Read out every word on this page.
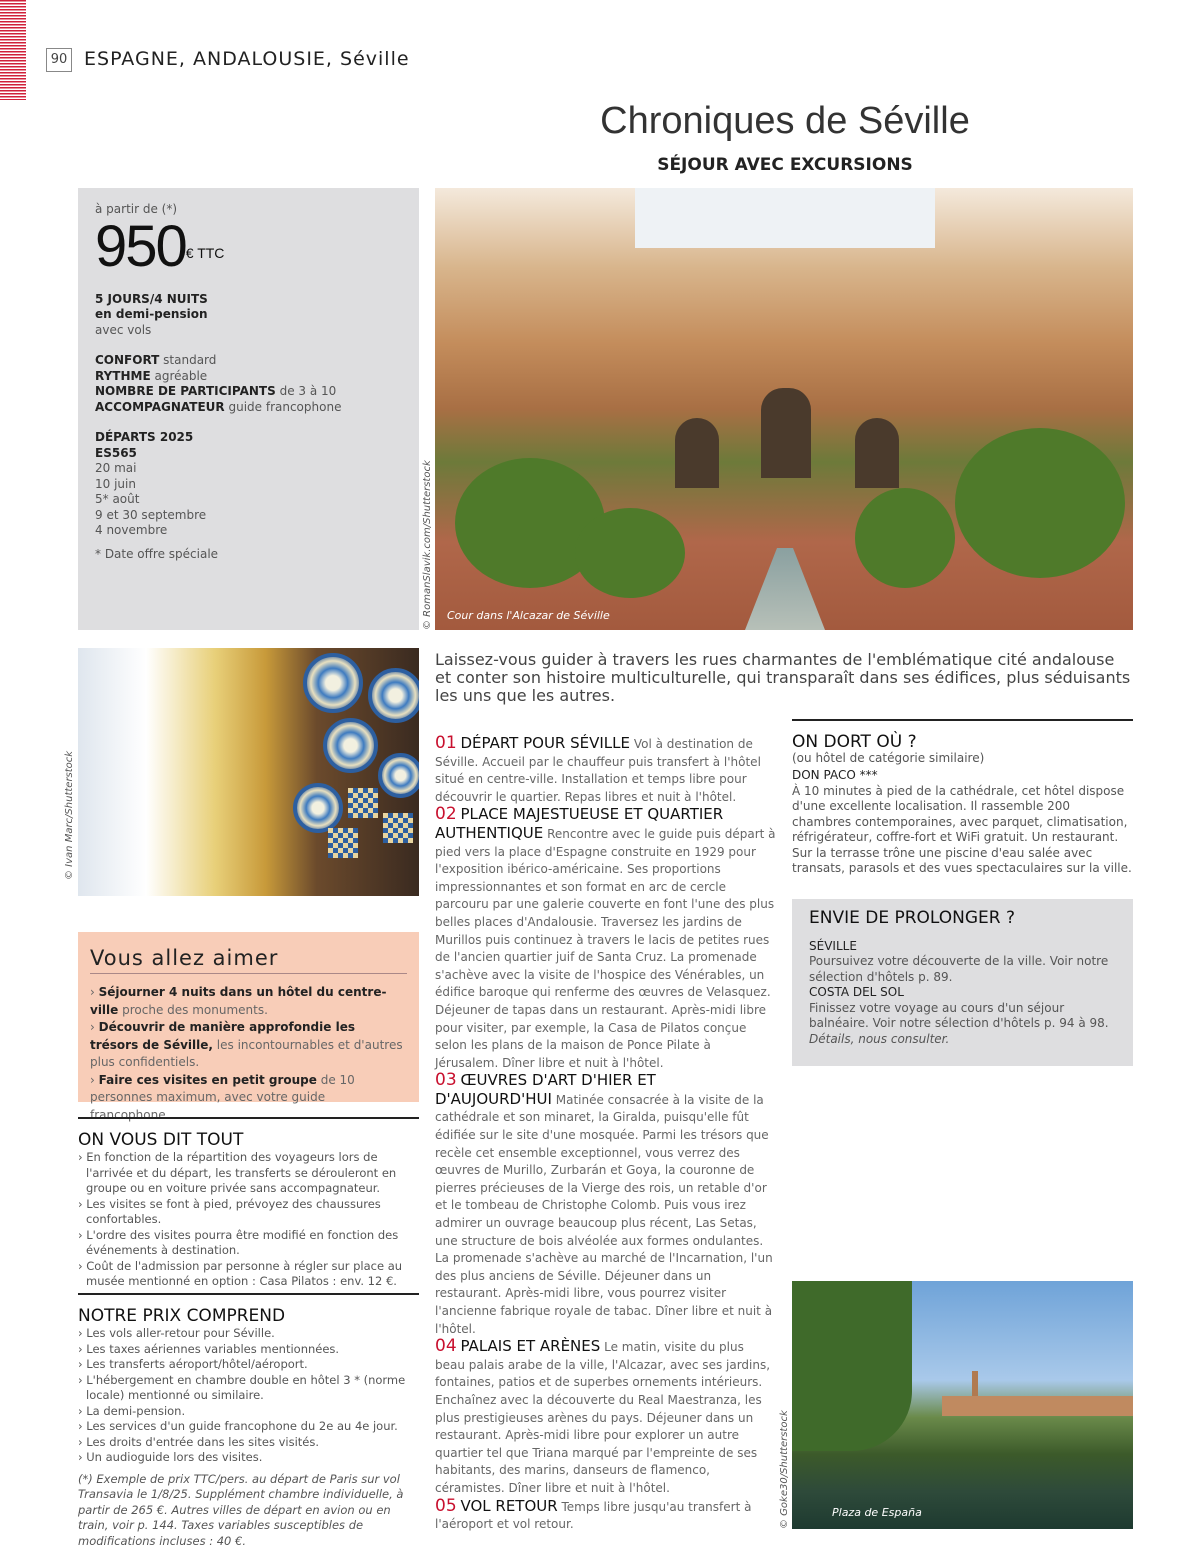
90 ESPAGNE, ANDALOUSIE, Séville
Chroniques de Séville
SÉJOUR AVEC EXCURSIONS
à partir de (*)
$950^{€ TTC}$
5 JOURS/4 NUITS
en demi-pension
avec vols
CONFORT standard
RYTHME agréable
NOMBRE DE PARTICIPANTS de 3 à 10
ACCOMPAGNATEUR guide francophone
DÉPARTS 2025
ES565
20 mai
10 juin
5* août
9 et 30 septembre
4 novembre
* Date offre spéciale	© RomanSlavik.com/Shutterstock Cour dans l'Alcazar de Séville
© Ivan Marc/Shutterstock
Vous allez aimer
› Séjourner 4 nuits dans un hôtel du centre-ville proche des monuments.
› Découvrir de manière approfondie les trésors de Séville, les incontournables et d'autres plus confidentiels.
› Faire ces visites en petit groupe de 10 personnes maximum, avec votre guide francophone.
ON VOUS DIT TOUT
› En fonction de la répartition des voyageurs lors de l'arrivée et du départ, les transferts se dérouleront en groupe ou en voiture privée sans accompagnateur.
› Les visites se font à pied, prévoyez des chaussures confortables.
› L'ordre des visites pourra être modifié en fonction des événements à destination.
› Coût de l'admission par personne à régler sur place au musée mentionné en option : Casa Pilatos : env. 12 €.
NOTRE PRIX COMPREND
› Les vols aller-retour pour Séville.
› Les taxes aériennes variables mentionnées.
› Les transferts aéroport/hôtel/aéroport.
› L'hébergement en chambre double en hôtel 3 * (norme locale) mentionné ou similaire.
› La demi-pension.
› Les services d'un guide francophone du 2e au 4e jour.
› Les droits d'entrée dans les sites visités.
› Un audioguide lors des visites.
(*) Exemple de prix TTC/pers. au départ de Paris sur vol Transavia le 1/8/25. Supplément chambre individuelle, à partir de 265 €. Autres villes de départ en avion ou en train, voir p. 144. Taxes variables susceptibles de modifications incluses : 40 €.
Laissez-vous guider à travers les rues charmantes de l'emblématique cité andalouse et conter son histoire multiculturelle, qui transparaît dans ses édifices, plus séduisants les uns que les autres.
01 DÉPART POUR SÉVILLE Vol à destination de Séville. Accueil par le chauffeur puis transfert à l'hôtel situé en centre-ville. Installation et temps libre pour découvrir le quartier. Repas libres et nuit à l'hôtel.
02 PLACE MAJESTUEUSE ET QUARTIER AUTHENTIQUE Rencontre avec le guide puis départ à pied vers la place d'Espagne construite en 1929 pour l'exposition ibérico-américaine. Ses proportions impressionnantes et son format en arc de cercle parcouru par une galerie couverte en font l'une des plus belles places d'Andalousie. Traversez les jardins de Murillos puis continuez à travers le lacis de petites rues de l'ancien quartier juif de Santa Cruz. La promenade s'achève avec la visite de l'hospice des Vénérables, un édifice baroque qui renferme des œuvres de Velasquez. Déjeuner de tapas dans un restaurant. Après-midi libre pour visiter, par exemple, la Casa de Pilatos conçue selon les plans de la maison de Ponce Pilate à Jérusalem. Dîner libre et nuit à l'hôtel.
03 ŒUVRES D'ART D'HIER ET D'AUJOURD'HUI Matinée consacrée à la visite de la cathédrale et son minaret, la Giralda, puisqu'elle fût édifiée sur le site d'une mosquée. Parmi les trésors que recèle cet ensemble exceptionnel, vous verrez des œuvres de Murillo, Zurbarán et Goya, la couronne de pierres précieuses de la Vierge des rois, un retable d'or et le tombeau de Christophe Colomb. Puis vous irez admirer un ouvrage beaucoup plus récent, Las Setas, une structure de bois alvéolée aux formes ondulantes. La promenade s'achève au marché de l'Incarnation, l'un des plus anciens de Séville. Déjeuner dans un restaurant. Après-midi libre, vous pourrez visiter l'ancienne fabrique royale de tabac. Dîner libre et nuit à l'hôtel.
04 PALAIS ET ARÈNES Le matin, visite du plus beau palais arabe de la ville, l'Alcazar, avec ses jardins, fontaines, patios et de superbes ornements intérieurs. Enchaînez avec la découverte du Real Maestranza, les plus prestigieuses arènes du pays. Déjeuner dans un restaurant. Après-midi libre pour explorer un autre quartier tel que Triana marqué par l'empreinte de ses habitants, des marins, danseurs de flamenco, céramistes. Dîner libre et nuit à l'hôtel.
05 VOL RETOUR Temps libre jusqu'au transfert à l'aéroport et vol retour.
ON DORT OÙ ?
(ou hôtel de catégorie similaire)
DON PACO ***
À 10 minutes à pied de la cathédrale, cet hôtel dispose d'une excellente localisation. Il rassemble 200 chambres contemporaines, avec parquet, climatisation, réfrigérateur, coffre-fort et WiFi gratuit. Un restaurant. Sur la terrasse trône une piscine d'eau salée avec transats, parasols et des vues spectaculaires sur la ville.
ENVIE DE PROLONGER ?
SÉVILLE
Poursuivez votre découverte de la ville. Voir notre sélection d'hôtels p. 89.
COSTA DEL SOL
Finissez votre voyage au cours d'un séjour balnéaire. Voir notre sélection d'hôtels p. 94 à 98.
Détails, nous consulter.
© Goke30/Shutterstock	Plaza de España
